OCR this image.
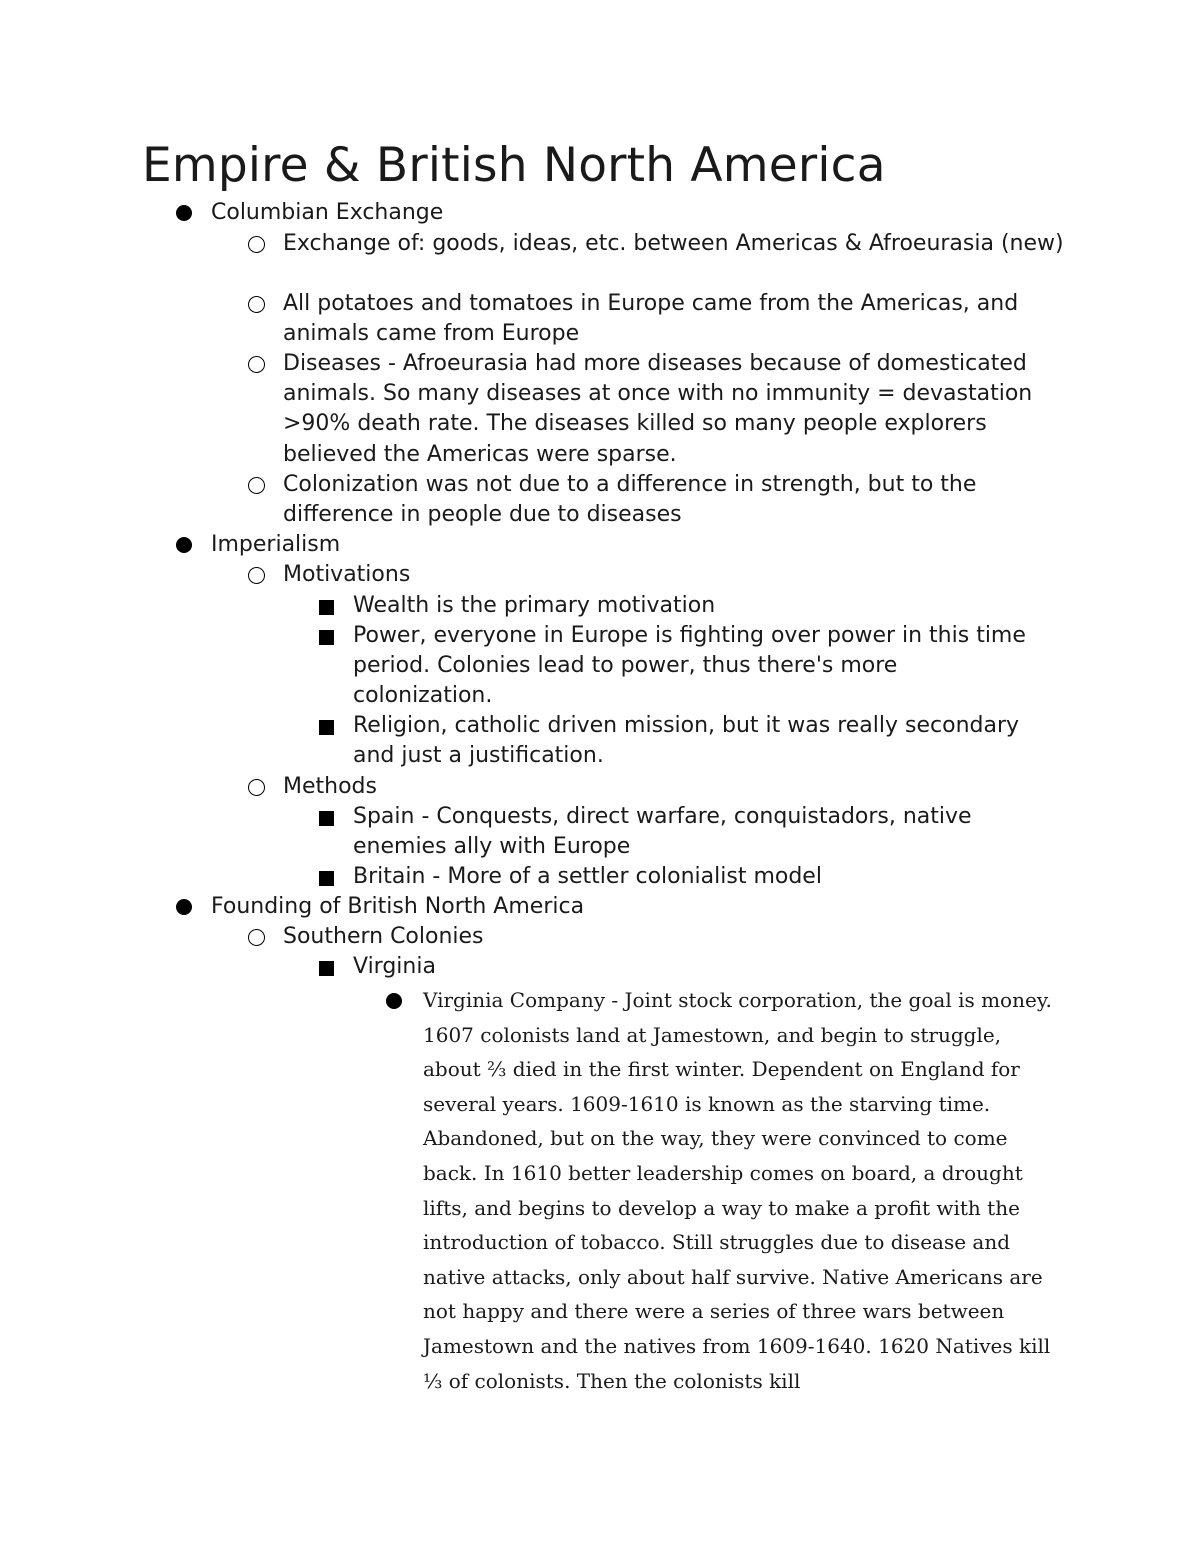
Empire & British North America
Columbian Exchange
Exchange of: goods, ideas, etc. between Americas & Afroeurasia (new)
All potatoes and tomatoes in Europe came from the Americas, and animals came from Europe
Diseases - Afroeurasia had more diseases because of domesticated animals. So many diseases at once with no immunity = devastation >90% death rate. The diseases killed so many people explorers believed the Americas were sparse.
Colonization was not due to a difference in strength, but to the difference in people due to diseases
Imperialism
Motivations
Wealth is the primary motivation
Power, everyone in Europe is fighting over power in this time period. Colonies lead to power, thus there's more colonization.
Religion, catholic driven mission, but it was really secondary and just a justification.
Methods
Spain - Conquests, direct warfare, conquistadors, native enemies ally with Europe
Britain - More of a settler colonialist model
Founding of British North America
Southern Colonies
Virginia
Virginia Company - Joint stock corporation, the goal is money. 1607 colonists land at Jamestown, and begin to struggle, about ⅔ died in the first winter. Dependent on England for several years. 1609-1610 is known as the starving time. Abandoned, but on the way, they were convinced to come back. In 1610 better leadership comes on board, a drought lifts, and begins to develop a way to make a profit with the introduction of tobacco. Still struggles due to disease and native attacks, only about half survive. Native Americans are not happy and there were a series of three wars between Jamestown and the natives from 1609-1640. 1620 Natives kill ⅓ of colonists. Then the colonists kill
